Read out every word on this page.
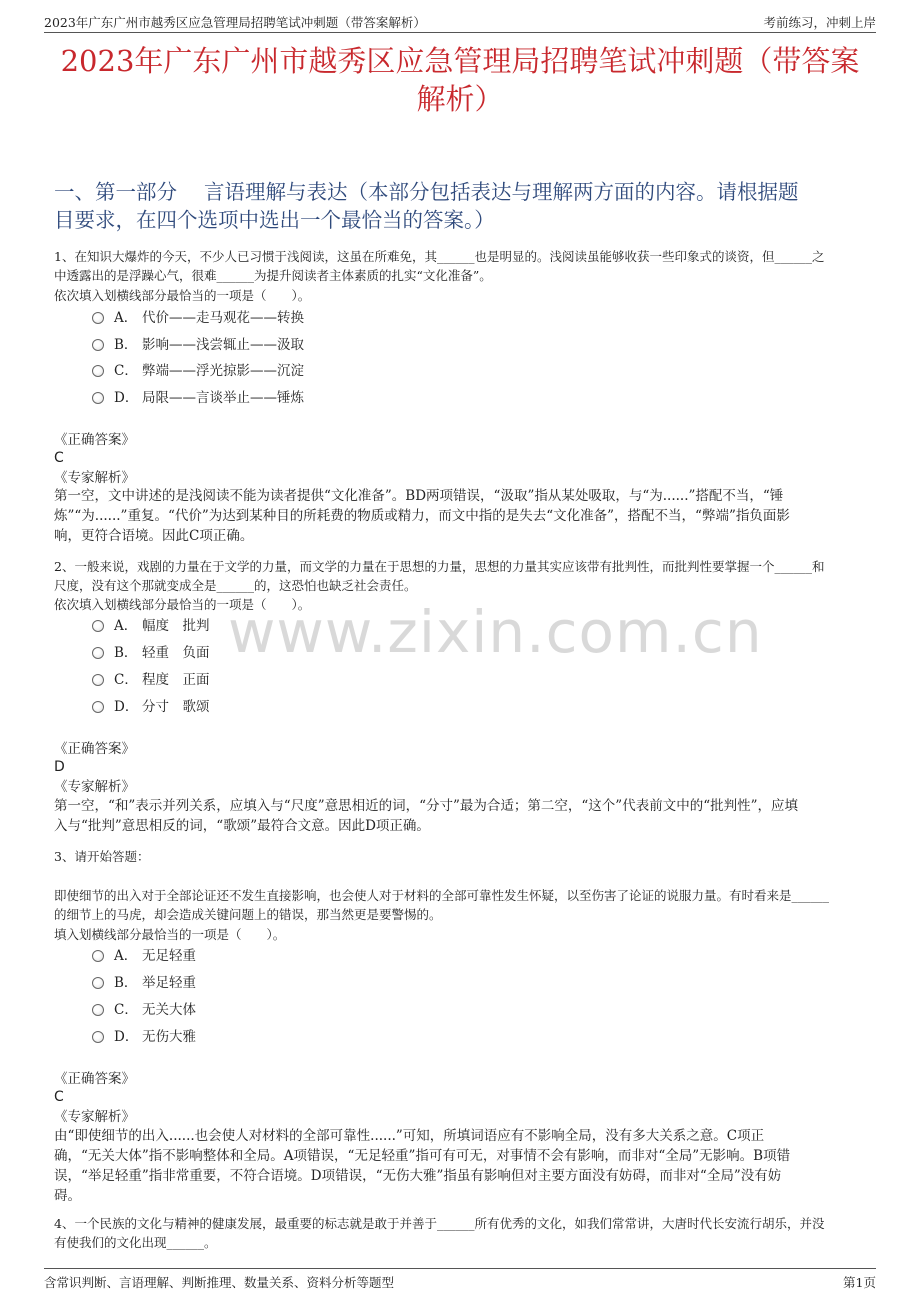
2023年广东广州市越秀区应急管理局招聘笔试冲刺题（带答案解析）	考前练习，冲刺上岸
2023年广东广州市越秀区应急管理局招聘笔试冲刺题（带答案
解析）
一、第一部分　 言语理解与表达（本部分包括表达与理解两方面的内容。请根据题
目要求，在四个选项中选出一个最恰当的答案。）
www.zixin.com.cn
1、在知识大爆炸的今天，不少人已习惯于浅阅读，这虽在所难免，其______也是明显的。浅阅读虽能够收获一些印象式的谈资，但______之
中透露出的是浮躁心气，很难______为提升阅读者主体素质的扎实“文化准备”。
依次填入划横线部分最恰当的一项是（　　）。
A． 代价——走马观花——转换
B． 影响——浅尝辄止——汲取
C． 弊端——浮光掠影——沉淀
D． 局限——言谈举止——锤炼
《正确答案》
C
《专家解析》
第一空，文中讲述的是浅阅读不能为读者提供“文化准备”。BD两项错误，“汲取”指从某处吸取，与“为......”搭配不当，“锤
炼”“为......”重复。“代价”为达到某种目的所耗费的物质或精力，而文中指的是失去“文化准备”，搭配不当，“弊端”指负面影
响，更符合语境。因此C项正确。
2、一般来说，戏剧的力量在于文学的力量，而文学的力量在于思想的力量，思想的力量其实应该带有批判性，而批判性要掌握一个______和
尺度，没有这个那就变成全是______的，这恐怕也缺乏社会责任。
依次填入划横线部分最恰当的一项是（　　）。
A． 幅度　批判
B． 轻重　负面
C． 程度　正面
D． 分寸　歌颂
《正确答案》
D
《专家解析》
第一空，“和”表示并列关系，应填入与“尺度”意思相近的词，“分寸”最为合适；第二空，“这个”代表前文中的“批判性”，应填
入与“批判”意思相反的词，“歌颂”最符合文意。因此D项正确。
3、请开始答题：
即使细节的出入对于全部论证还不发生直接影响，也会使人对于材料的全部可靠性发生怀疑，以至伤害了论证的说服力量。有时看来是______
的细节上的马虎，却会造成关键问题上的错误，那当然更是要警惕的。
填入划横线部分最恰当的一项是（　　）。
A． 无足轻重
B． 举足轻重
C． 无关大体
D． 无伤大雅
《正确答案》
C
《专家解析》
由“即使细节的出入......也会使人对材料的全部可靠性......”可知，所填词语应有不影响全局，没有多大关系之意。C项正
确，“无关大体”指不影响整体和全局。A项错误，“无足轻重”指可有可无，对事情不会有影响，而非对“全局”无影响。B项错
误，“举足轻重”指非常重要，不符合语境。D项错误，“无伤大雅”指虽有影响但对主要方面没有妨碍，而非对“全局”没有妨
碍。
4、一个民族的文化与精神的健康发展，最重要的标志就是敢于并善于______所有优秀的文化，如我们常常讲，大唐时代长安流行胡乐，并没
有使我们的文化出现______。
含常识判断、言语理解、判断推理、数量关系、资料分析等题型	第1页
